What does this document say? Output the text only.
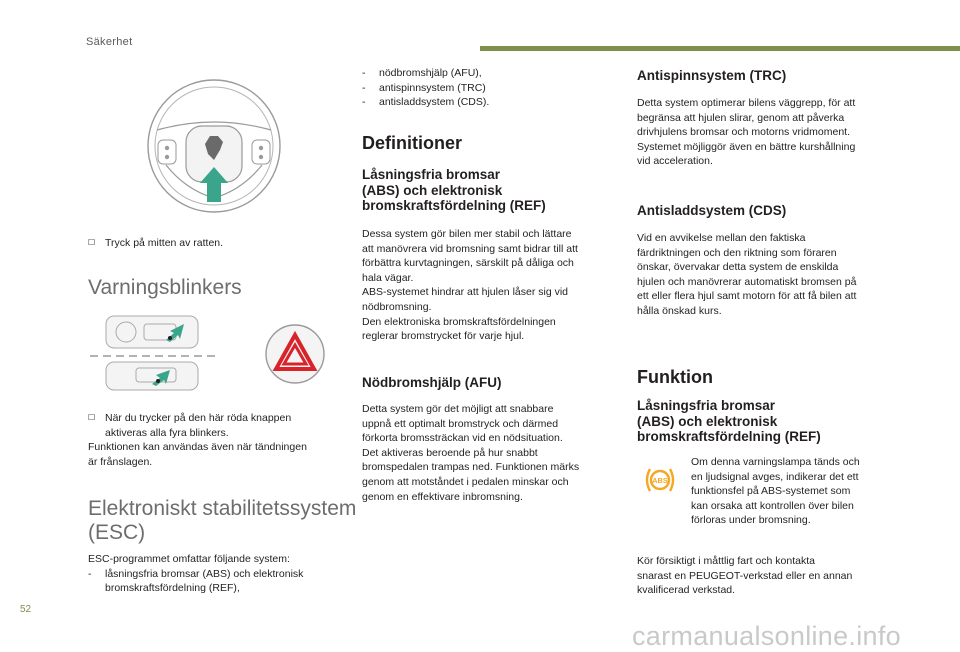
Säkerhet

☐ Tryck på mitten av ratten.

Varningsblinkers

☐ När du trycker på den här röda knappen

aktiveras alla fyra blinkers.

Funktionen kan användas även när tändningen

är frånslagen.

Elektroniskt stabilitetssystem
(ESC)

ESC-programmet omfattar följande system:

- låsningsfria bromsar (ABS) och elektronisk

bromskraftsfördelning (REF),

- nödbromshjälp (AFU),

- antispinnsystem (TRC)

- antisladdsystem (CDS).

Definitioner
Låsningsfria bromsar
(ABS) och elektronisk
bromskraftsfördelning (REF)

Dessa system gör bilen mer stabil och lättare

att manövrera vid bromsning samt bidrar till att

förbättra kurvtagningen, särskilt på dåliga och

hala vägar.

ABS-systemet hindrar att hjulen låser sig vid

nödbromsning.

Den elektroniska bromskraftsfördelningen

reglerar bromstrycket för varje hjul.

Nödbromshjälp (AFU)

Detta system gör det möjligt att snabbare

uppnå ett optimalt bromstryck och därmed

förkorta bromssträckan vid en nödsituation.

Det aktiveras beroende på hur snabbt

bromspedalen trampas ned. Funktionen märks

genom att motståndet i pedalen minskar och

genom en effektivare inbromsning.

Antispinnsystem (TRC)

Detta system optimerar bilens väggrepp, för att

begränsa att hjulen slirar, genom att påverka

drivhjulens bromsar och motorns vridmoment.

Systemet möjliggör även en bättre kurshållning

vid acceleration.

Antisladdsystem (CDS)

Vid en avvikelse mellan den faktiska

färdriktningen och den riktning som föraren

önskar, övervakar detta system de enskilda

hjulen och manövrerar automatiskt bromsen på

ett eller flera hjul samt motorn för att få bilen att

hålla önskad kurs.

Funktion
Låsningsfria bromsar
(ABS) och elektronisk
bromskraftsfördelning (REF)
ABS

Om denna varningslampa tänds och

en ljudsignal avges, indikerar det ett

funktionsfel på ABS-systemet som

kan orsaka att kontrollen över bilen

förloras under bromsning.

Kör försiktigt i måttlig fart och kontakta

snarast en PEUGEOT-verkstad eller en annan

kvalificerad verkstad.

52
carmanualsonline.info
